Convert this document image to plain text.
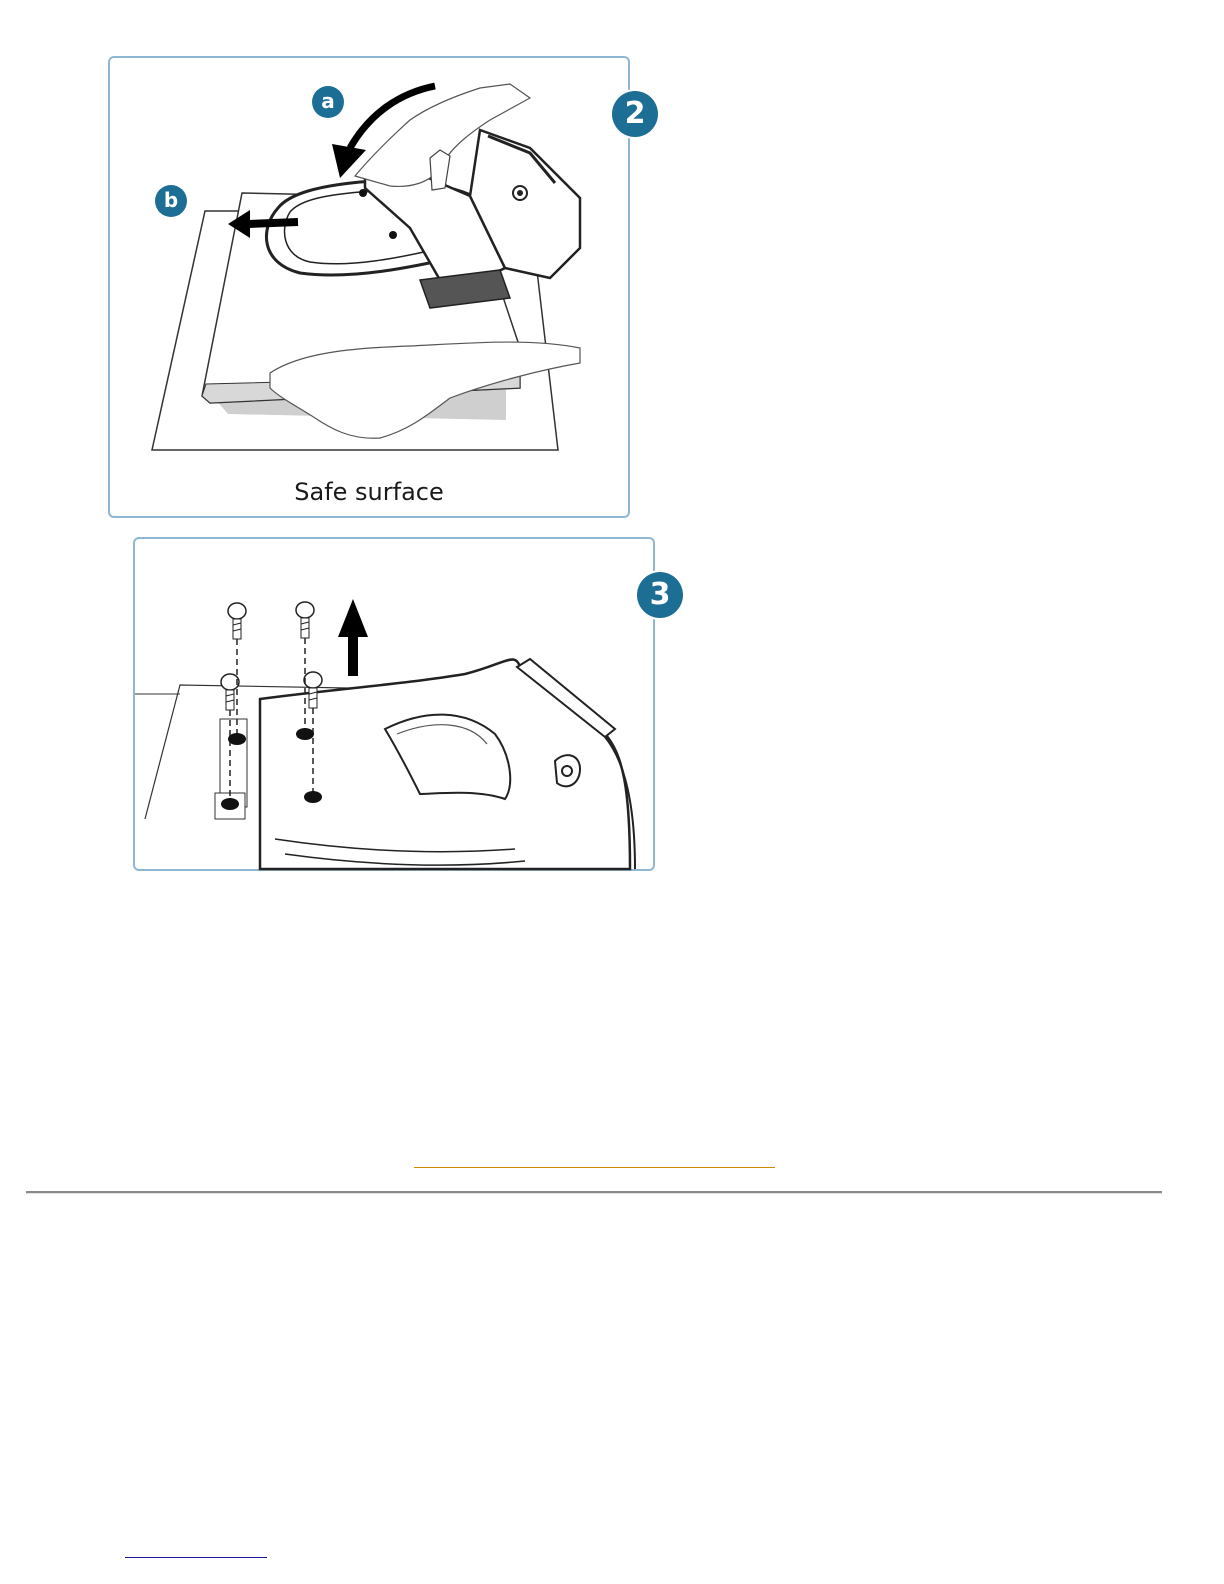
a
b
Safe surface
2
3
